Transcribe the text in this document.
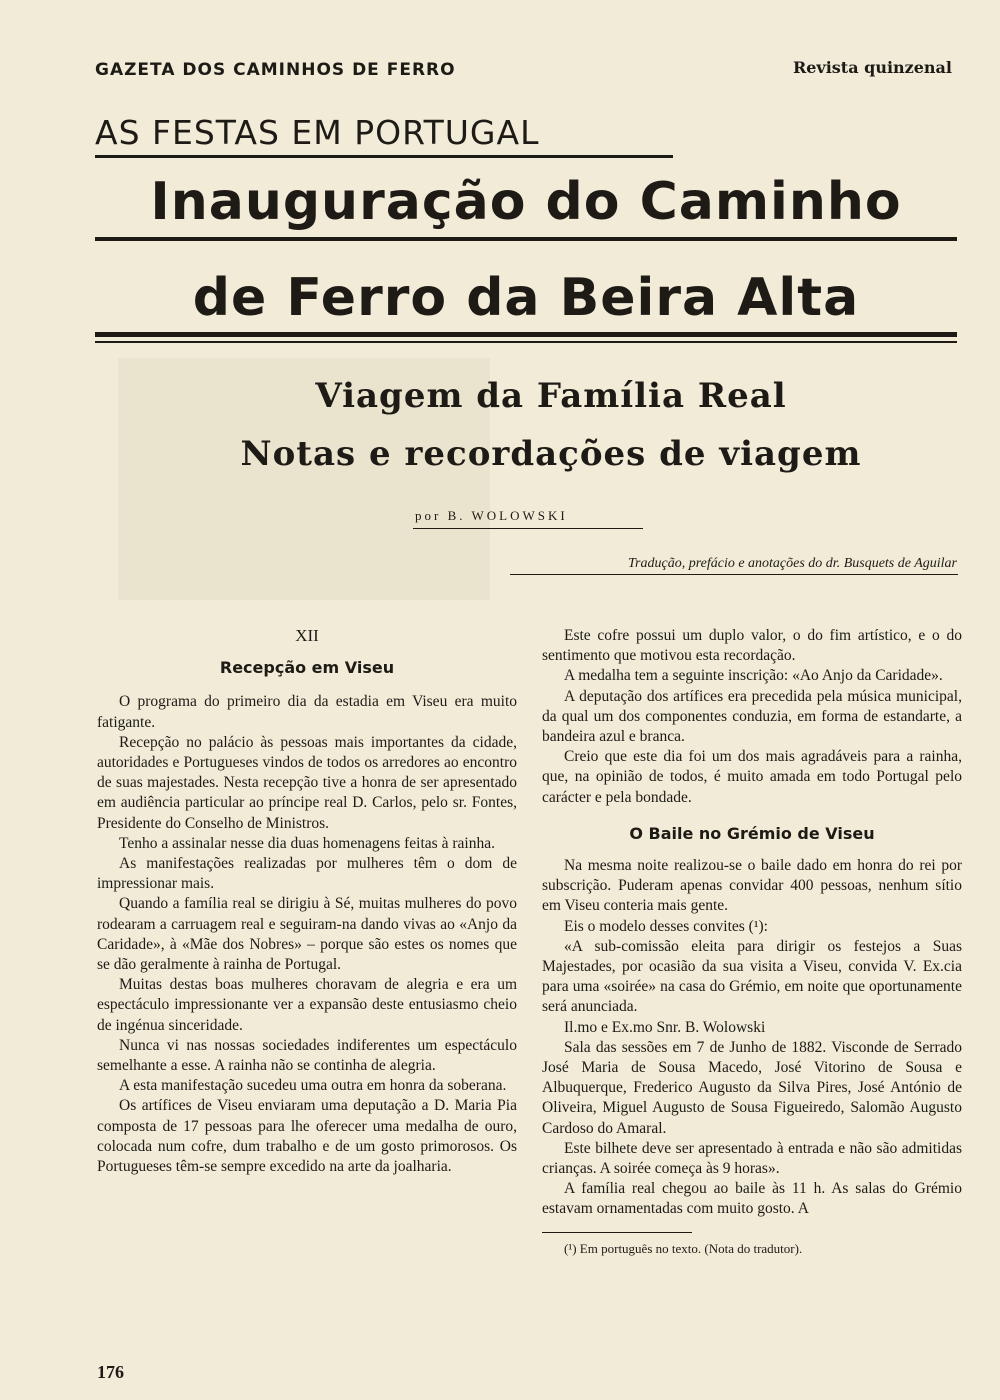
GAZETA DOS CAMINHOS DE FERRO	Revista quinzenal
AS FESTAS EM PORTUGAL
Inauguração do Caminho
de Ferro da Beira Alta
Viagem da Família Real
Notas e recordações de viagem
por B. WOLOWSKI
Tradução, prefácio e anotações do dr. Busquets de Aguilar
XII
Recepção em Viseu

O programa do primeiro dia da estadia em Viseu era muito fatigante.

Recepção no palácio às pessoas mais importantes da cidade, autoridades e Portugueses vindos de todos os arredores ao encontro de suas majestades. Nesta recepção tive a honra de ser apresentado em audiência particular ao príncipe real D. Carlos, pelo sr. Fontes, Presidente do Conselho de Ministros.

Tenho a assinalar nesse dia duas homenagens feitas à rainha.

As manifestações realizadas por mulheres têm o dom de impressionar mais.

Quando a família real se dirigiu à Sé, muitas mulheres do povo rodearam a carruagem real e seguiram-na dando vivas ao «Anjo da Caridade», à «Mãe dos Nobres» – porque são estes os nomes que se dão geralmente à rainha de Portugal.

Muitas destas boas mulheres choravam de alegria e era um espectáculo impressionante ver a expansão deste entusiasmo cheio de ingénua sinceridade.

Nunca vi nas nossas sociedades indiferentes um espectáculo semelhante a esse. A rainha não se continha de alegria.

A esta manifestação sucedeu uma outra em honra da soberana.

Os artífices de Viseu enviaram uma deputação a D. Maria Pia composta de 17 pessoas para lhe oferecer uma medalha de ouro, colocada num cofre, dum trabalho e de um gosto primorosos. Os Portugueses têm-se sempre excedido na arte da joalharia.

Este cofre possui um duplo valor, o do fim artístico, e o do sentimento que motivou esta recordação.

A medalha tem a seguinte inscrição: «Ao Anjo da Caridade».

A deputação dos artífices era precedida pela música municipal, da qual um dos componentes conduzia, em forma de estandarte, a bandeira azul e branca.

Creio que este dia foi um dos mais agradáveis para a rainha, que, na opinião de todos, é muito amada em todo Portugal pelo carácter e pela bondade.

O Baile no Grémio de Viseu

Na mesma noite realizou-se o baile dado em honra do rei por subscrição. Puderam apenas convidar 400 pessoas, nenhum sítio em Viseu conteria mais gente.

Eis o modelo desses convites (¹):

«A sub-comissão eleita para dirigir os festejos a Suas Majestades, por ocasião da sua visita a Viseu, convida V. Ex.cia para uma «soirée» na casa do Grémio, em noite que oportunamente será anunciada.

Il.mo e Ex.mo Snr. B. Wolowski

Sala das sessões em 7 de Junho de 1882. Visconde de Serrado José Maria de Sousa Macedo, José Vitorino de Sousa e Albuquerque, Frederico Augusto da Silva Pires, José António de Oliveira, Miguel Augusto de Sousa Figueiredo, Salomão Augusto Cardoso do Amaral.

Este bilhete deve ser apresentado à entrada e não são admitidas crianças. A soirée começa às 9 horas».

A família real chegou ao baile às 11 h. As salas do Grémio estavam ornamentadas com muito gosto. A

(¹) Em português no texto. (Nota do tradutor).

176
